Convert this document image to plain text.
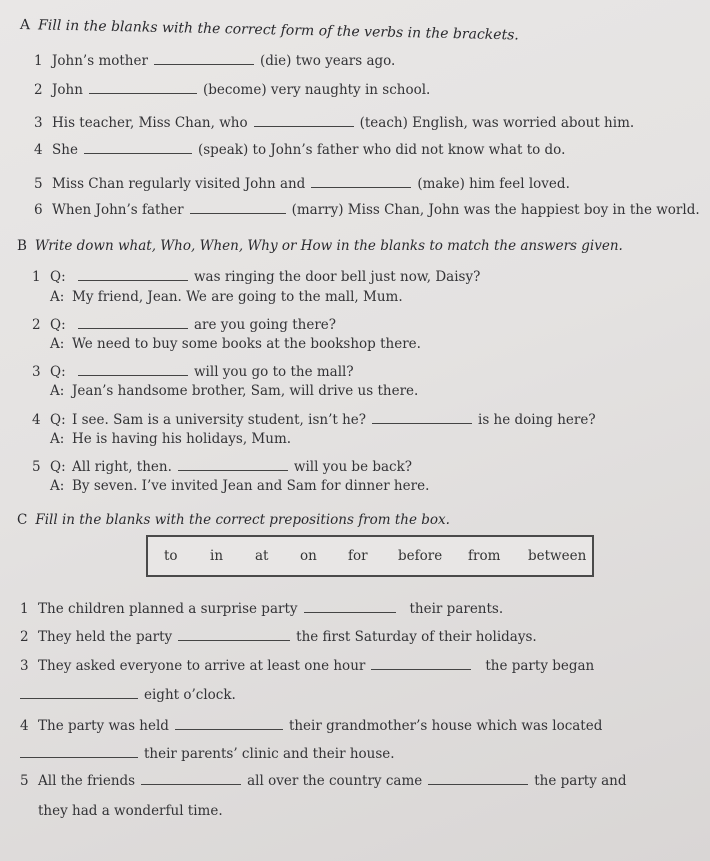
A Fill in the blanks with the correct form of the verbs in the brackets.
1 John’s mother	(die) two years ago.
2 John	(become) very naughty in school.
3 His teacher, Miss Chan, who	(teach) English, was worried about him.
4 She	(speak) to John’s father who did not know what to do.
5 Miss Chan regularly visited John and	(make) him feel loved.
6 When John’s father	(marry) Miss Chan, John was the happiest boy in the world.
B Write down what, Who, When, Why or How in the blanks to match the answers given.
1 Q:	was ringing the door bell just now, Daisy?
A: My friend, Jean. We are going to the mall, Mum.
2 Q:	are you going there?
A: We need to buy some books at the bookshop there.
3 Q:	will you go to the mall?
A: Jean’s handsome brother, Sam, will drive us there.
4 Q: I see. Sam is a university student, isn’t he?	is he doing here?
A: He is having his holidays, Mum.
5 Q: All right, then.	will you be back?
A: By seven. I’ve invited Jean and Sam for dinner here.
C Fill in the blanks with the correct prepositions from the box.
to in at on for before from between
1 The children planned a surprise party	their parents.
2 They held the party	the first Saturday of their holidays.
3 They asked everyone to arrive at least one hour	the party began
eight o’clock.
4 The party was held	their grandmother’s house which was located
their parents’ clinic and their house.
5 All the friends	all over the country came	the party and
they had a wonderful time.
